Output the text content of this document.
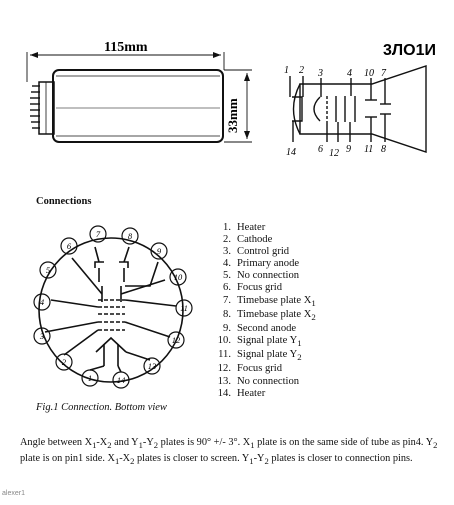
115mm
33mm
3ЛО1И
1 2 3 4 10 7
14 6 12 9 11 8
1
2
3
4
5
6
7	8
9
10
11
12
13
14
Connections
1. Heater
2. Cathode
3. Control grid
4. Primary anode
5. No connection
6. Focus grid
7. Timebase plate $X_1$
8. Timebase plate $X_2$
9. Second anode
10. Signal plate $Y_1$
11. Signal plate $Y_2$
12. Focus grid
13. No connection
14. Heater
Fig.1 Connection. Bottom view
Angle between $X_1-X_2$ and $Y_1-Y_2$ plates is 90° +/- 3°. $X_1$ plate is on the same side of tube as pin4. $Y_2$ plate is on pin1 side. $X_1-X_2$ plates is closer to screen. $Y_1-Y_2$ plates is closer to connection pins.
alexer1
